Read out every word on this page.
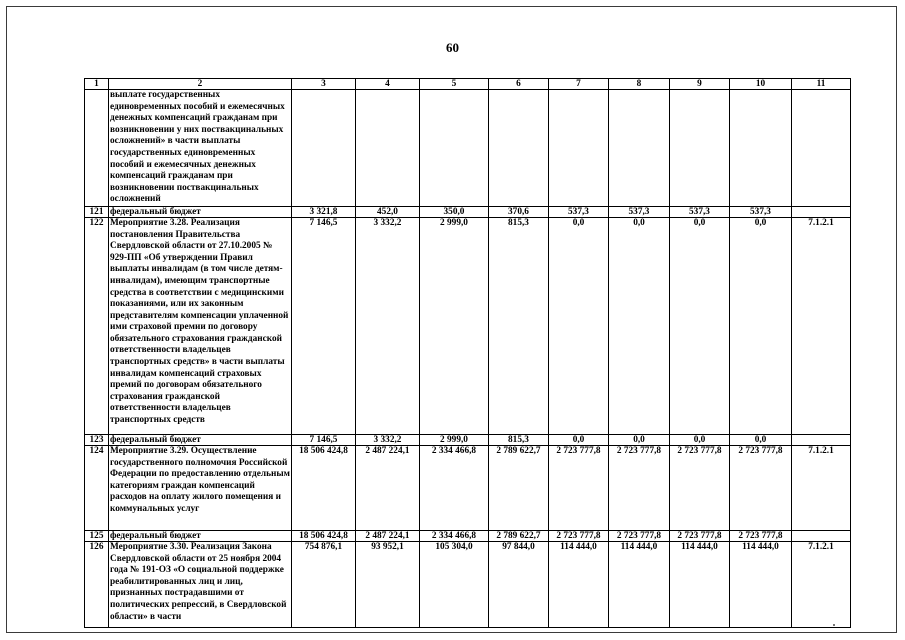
60
1	2	3	4	5	6	7	8	9	10	11
	выплате государственных единовременных пособий и ежемесячных денежных компенсаций гражданам при возникновении у них поствакцинальных осложнений» в части выплаты государственных единовременных пособий и ежемесячных денежных компенсаций гражданам при возникновении поствакцинальных осложнений									
121	федеральный бюджет	3 321,8	452,0	350,0	370,6	537,3	537,3	537,3	537,3	
122	Мероприятие 3.28. Реализация постановления Правительства Свердловской области от 27.10.2005 № 929-ПП «Об утверждении Правил выплаты инвалидам (в том числе детям-инвалидам), имеющим транспортные средства в соответствии с медицинскими показаниями, или их законным представителям компенсации уплаченной ими страховой премии по договору обязательного страхования гражданской ответственности владельцев транспортных средств» в части выплаты инвалидам компенсаций страховых премий по договорам обязательного страхования гражданской ответственности владельцев транспортных средств	7 146,5	3 332,2	2 999,0	815,3	0,0	0,0	0,0	0,0	7.1.2.1
123	федеральный бюджет	7 146,5	3 332,2	2 999,0	815,3	0,0	0,0	0,0	0,0	
124	Мероприятие 3.29. Осуществление государственного полномочия Российской Федерации по предоставлению отдельным категориям граждан компенсаций расходов на оплату жилого помещения и коммунальных услуг	18 506 424,8	2 487 224,1	2 334 466,8	2 789 622,7	2 723 777,8	2 723 777,8	2 723 777,8	2 723 777,8	7.1.2.1
125	федеральный бюджет	18 506 424,8	2 487 224,1	2 334 466,8	2 789 622,7	2 723 777,8	2 723 777,8	2 723 777,8	2 723 777,8	
126	Мероприятие 3.30. Реализация Закона Свердловской области от 25 ноября 2004 года № 191-ОЗ «О социальной поддержке реабилитированных лиц и лиц, признанных пострадавшими от политических репрессий, в Свердловской области» в части	754 876,1	93 952,1	105 304,0	97 844,0	114 444,0	114 444,0	114 444,0	114 444,0	7.1.2.1
